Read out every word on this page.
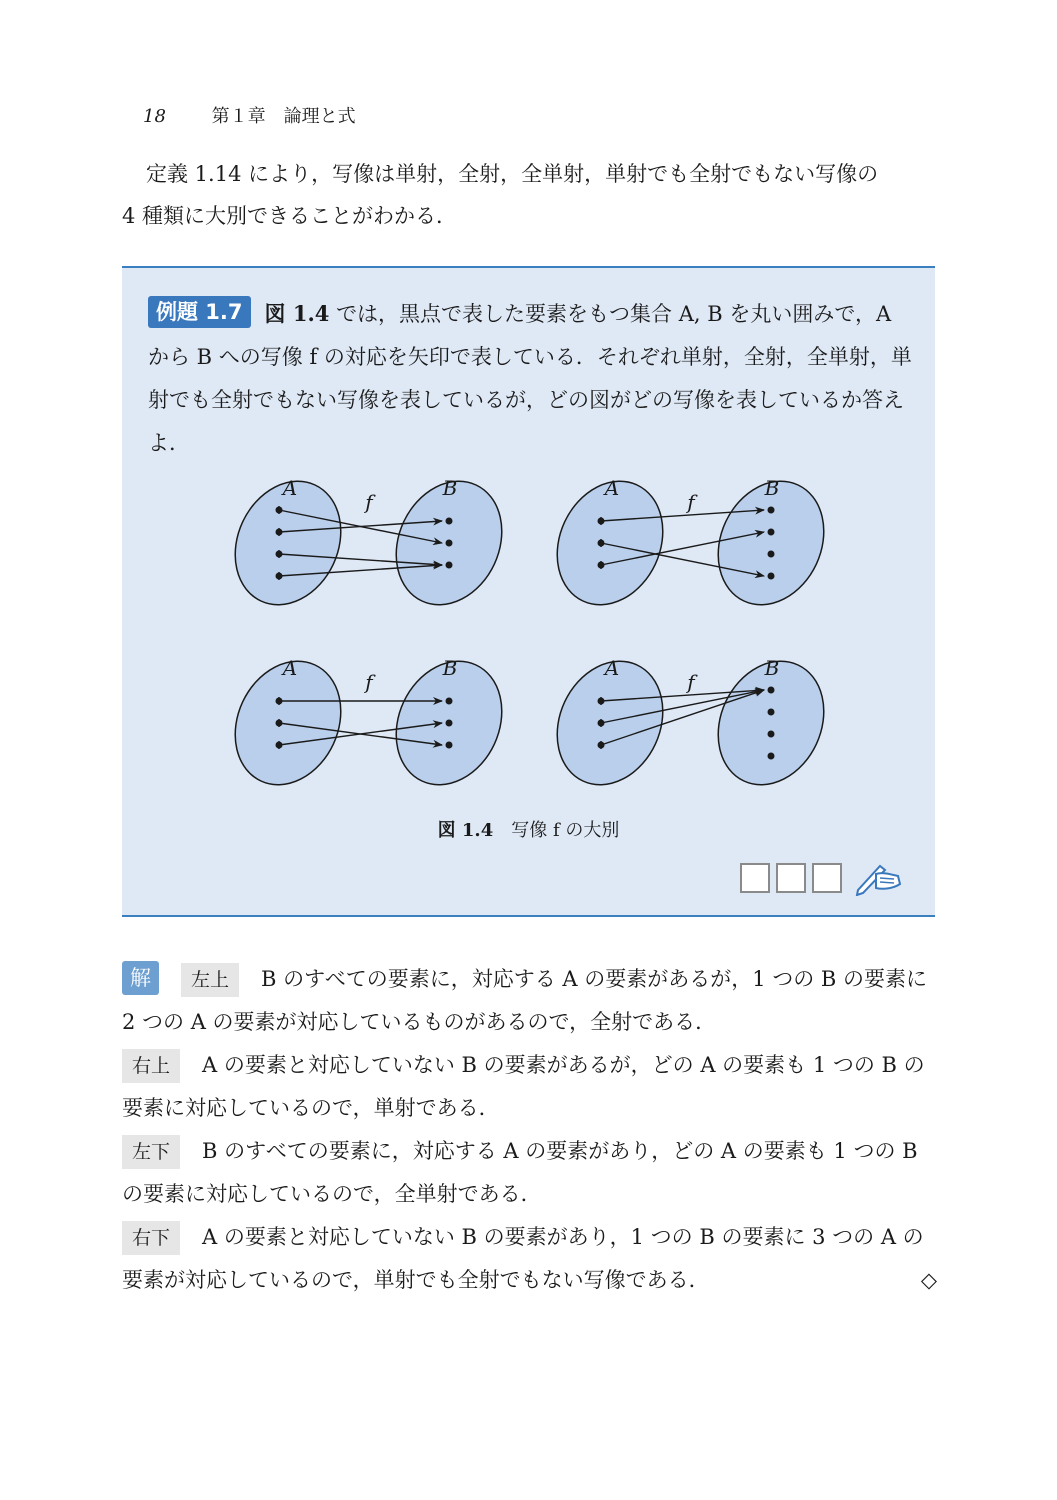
18	第１章　論理と式
定義 1.14 により，写像は単射，全射，全単射，単射でも全射でもない写像の
4 種類に大別できることがわかる．
例題 1.7 図 1.4 では，黒点で表した要素をもつ集合 A, B を丸い囲みで，A から B への写像 f の対応を矢印で表している．それぞれ単射，全射，全単射，単射でも全射でもない写像を表しているが，どの図がどの写像を表しているか答えよ．
A	B
f
A	B
f
A	B
f
A	B
f
図 1.4 写像 f の大別
解 左上 B のすべての要素に，対応する A の要素があるが，1 つの B の要素に 2 つの A の要素が対応しているものがあるので，全射である．
右上 A の要素と対応していない B の要素があるが，どの A の要素も 1 つの B の要素に対応しているので，単射である．
左下 B のすべての要素に，対応する A の要素があり，どの A の要素も 1 つの B の要素に対応しているので，全単射である．
右下 A の要素と対応していない B の要素があり，1 つの B の要素に 3 つの A の要素が対応しているので，単射でも全射でもない写像である．	◇
